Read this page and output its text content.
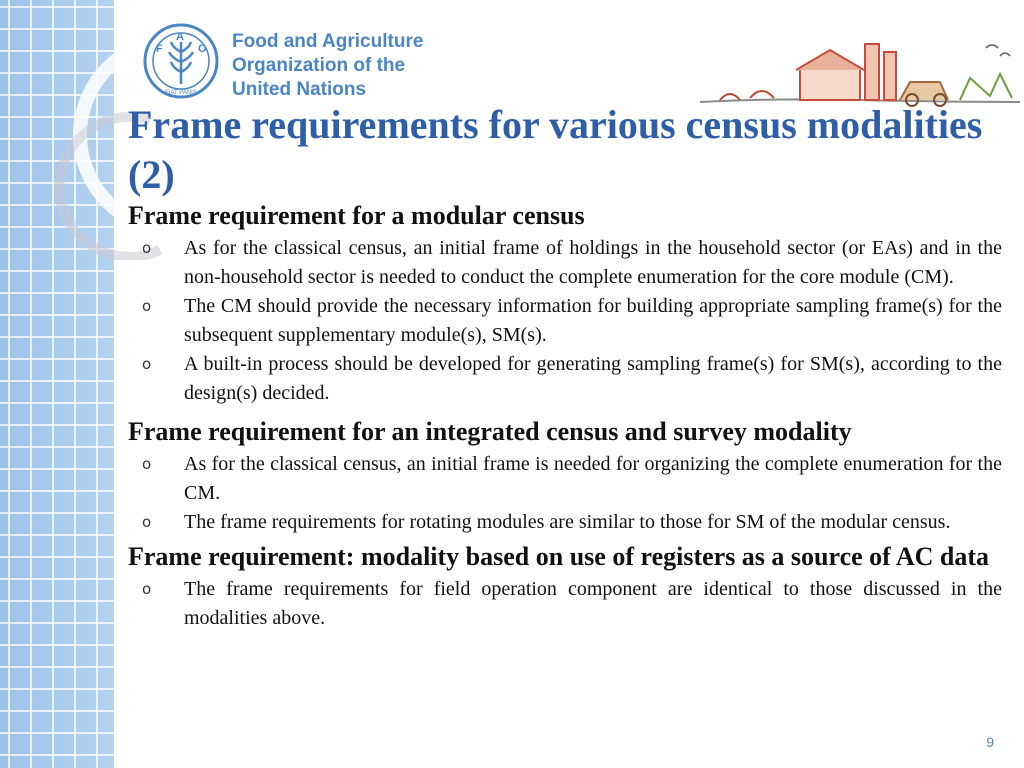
F
A
O
FIAT PANIS
Food and Agriculture
Organization of the
United Nations
Frame requirements for various census modalities (2)
Frame requirement for a modular census
o As for the classical census, an initial frame of holdings in the household sector (or EAs) and in the non-household sector is needed to conduct the complete enumeration for the core module (CM).
o The CM should provide the necessary information for building appropriate sampling frame(s) for the subsequent supplementary module(s), SM(s).
o A built-in process should be developed for generating sampling frame(s) for SM(s), according to the design(s) decided.
Frame requirement for an integrated census and survey modality
o As for the classical census, an initial frame is needed for organizing the complete enumeration for the CM.
o The frame requirements for rotating modules are similar to those for SM of the modular census.
Frame requirement: modality based on use of registers as a source of AC data
o The frame requirements for field operation component are identical to those discussed in the modalities above.
9
